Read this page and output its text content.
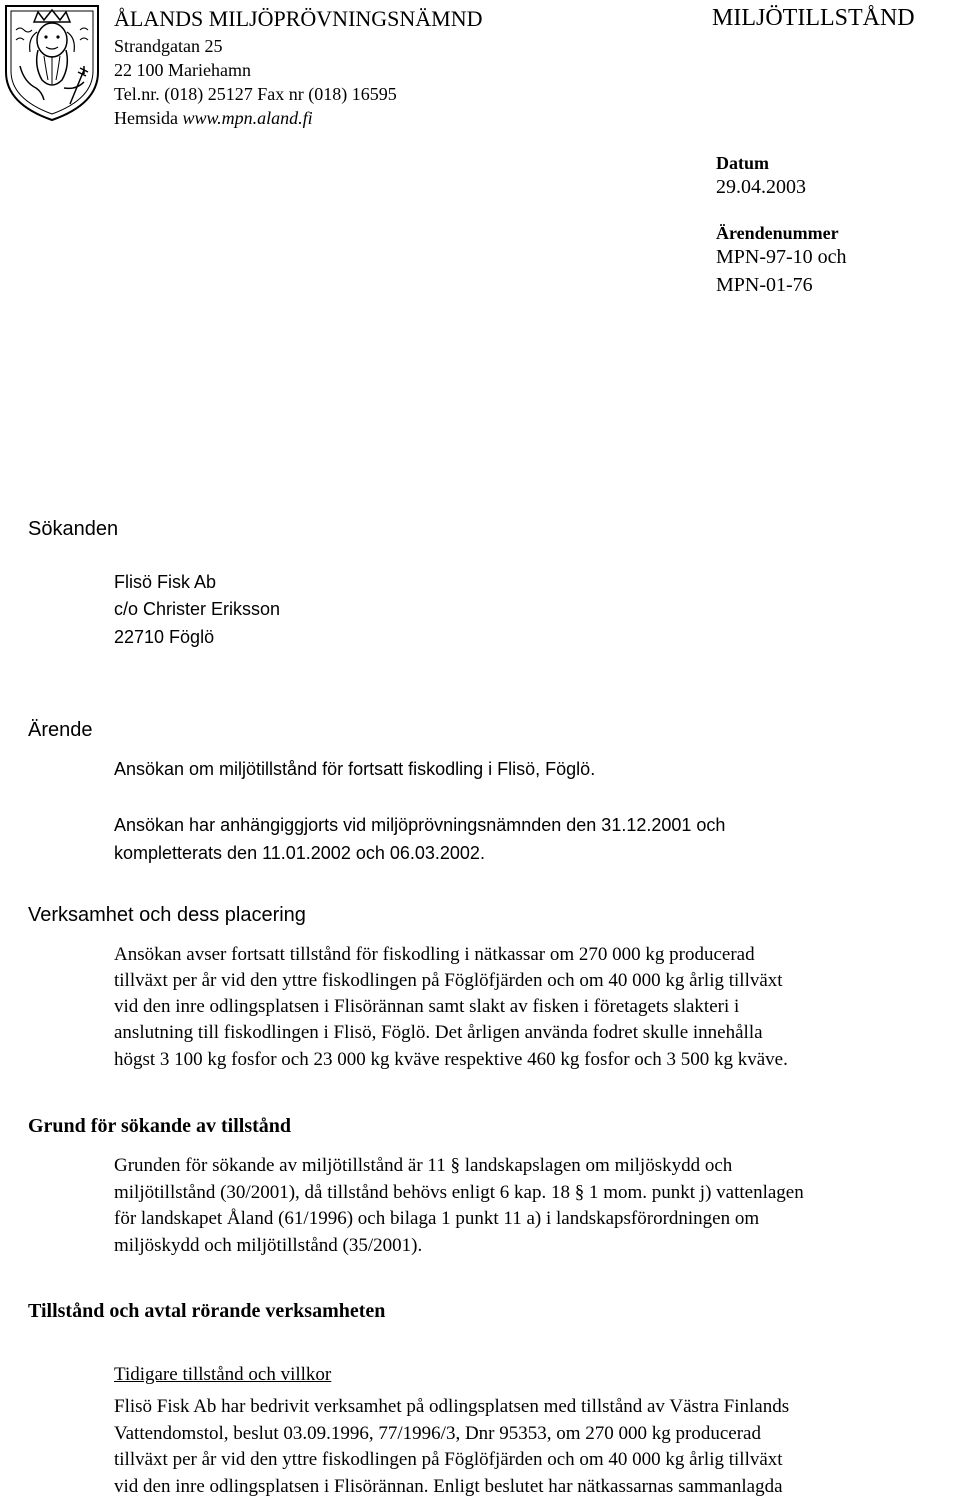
ÅLANDS MILJÖPRÖVNINGSNÄMND
Strandgatan 25
22 100 Mariehamn
Tel.nr. (018) 25127 Fax nr (018) 16595
Hemsida www.mpn.aland.fi
MILJÖTILLSTÅND
Datum
29.04.2003
Ärendenummer
MPN-97-10 och
MPN-01-76
Sökanden
Flisö Fisk Ab
c/o Christer Eriksson
22710 Föglö
Ärende
Ansökan om miljötillstånd för fortsatt fiskodling i Flisö, Föglö.
Ansökan har anhängiggjorts vid miljöprövningsnämnden den 31.12.2001 och
kompletterats den 11.01.2002 och 06.03.2002.
Verksamhet och dess placering
Ansökan avser fortsatt tillstånd för fiskodling i nätkassar om 270 000 kg producerad
tillväxt per år vid den yttre fiskodlingen på Föglöfjärden och om 40 000 kg årlig tillväxt
vid den inre odlingsplatsen i Flisörännan samt slakt av fisken i företagets slakteri i
anslutning till fiskodlingen i Flisö, Föglö. Det årligen använda fodret skulle innehålla
högst 3 100 kg fosfor och 23 000 kg kväve respektive 460 kg fosfor och 3 500 kg kväve.
Grund för sökande av tillstånd
Grunden för sökande av miljötillstånd är 11 § landskapslagen om miljöskydd och
miljötillstånd (30/2001), då tillstånd behövs enligt 6 kap. 18 § 1 mom. punkt j) vattenlagen
för landskapet Åland (61/1996) och bilaga 1 punkt 11 a) i landskapsförordningen om
miljöskydd och miljötillstånd (35/2001).
Tillstånd och avtal rörande verksamheten
Tidigare tillstånd och villkor
Flisö Fisk Ab har bedrivit verksamhet på odlingsplatsen med tillstånd av Västra Finlands
Vattendomstol, beslut 03.09.1996, 77/1996/3, Dnr 95353, om 270 000 kg producerad
tillväxt per år vid den yttre fiskodlingen på Föglöfjärden och om 40 000 kg årlig tillväxt
vid den inre odlingsplatsen i Flisörännan. Enligt beslutet har nätkassarnas sammanlagda
